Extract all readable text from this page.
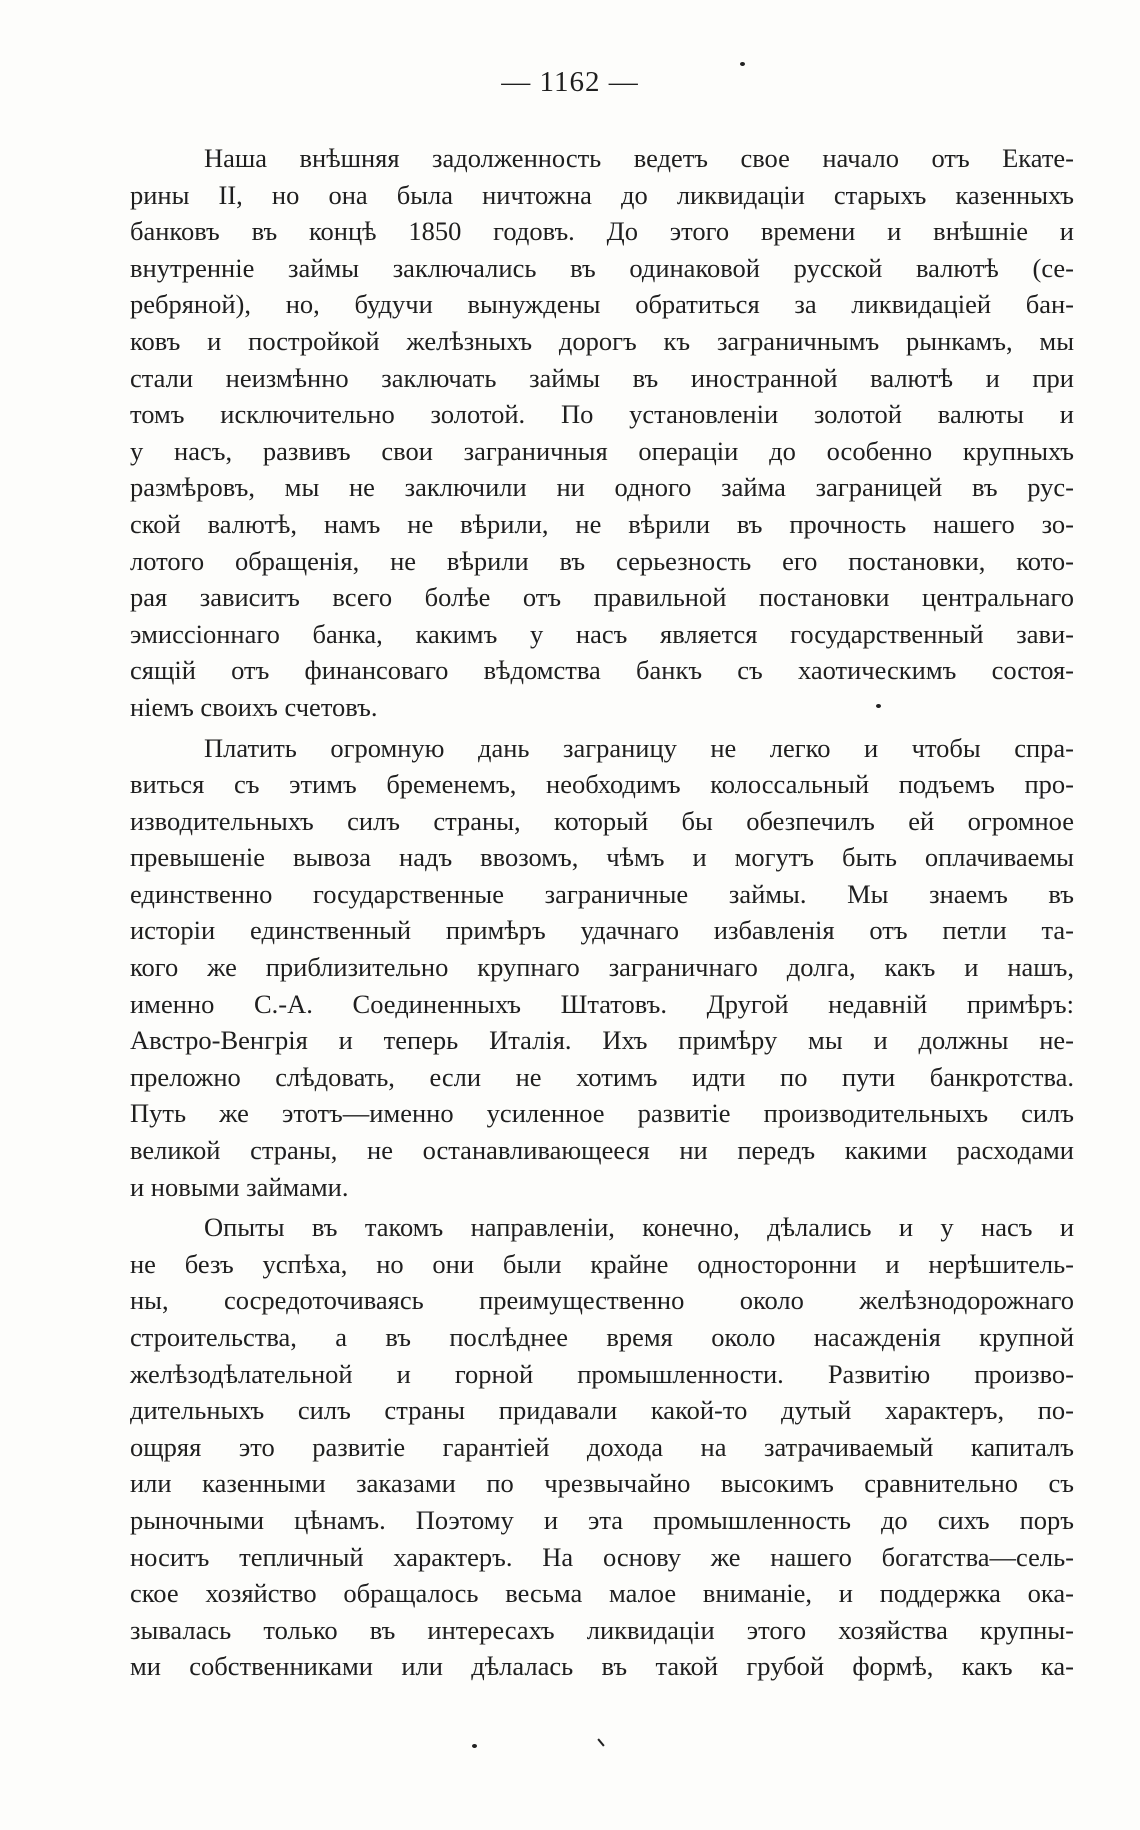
— 1162 —
Наша внѣшняя задолженность ведетъ свое начало отъ Екате-
рины II, но она была ничтожна до ликвидаціи старыхъ казенныхъ
банковъ въ концѣ 1850 годовъ. До этого времени и внѣшніе и
внутренніе займы заключались въ одинаковой русской валютѣ (се-
ребряной), но, будучи вынуждены обратиться за ликвидаціей бан-
ковъ и постройкой желѣзныхъ дорогъ къ заграничнымъ рынкамъ, мы
стали неизмѣнно заключать займы въ иностранной валютѣ и при
томъ исключительно золотой. По установленіи золотой валюты и
у насъ, развивъ свои заграничныя операціи до особенно крупныхъ
размѣровъ, мы не заключили ни одного займа заграницей въ рус-
ской валютѣ, намъ не вѣрили, не вѣрили въ прочность нашего зо-
лотого обращенія, не вѣрили въ серьезность его постановки, кото-
рая зависитъ всего болѣе отъ правильной постановки центральнаго
эмиссіоннаго банка, какимъ у насъ является государственный зави-
сящій отъ финансоваго вѣдомства банкъ съ хаотическимъ состоя-
ніемъ своихъ счетовъ.
Платить огромную дань заграницу не легко и чтобы спра-
виться съ этимъ бременемъ, необходимъ колоссальный подъемъ про-
изводительныхъ силъ страны, который бы обезпечилъ ей огромное
превышеніе вывоза надъ ввозомъ, чѣмъ и могутъ быть оплачиваемы
единственно государственные заграничные займы. Мы знаемъ въ
исторіи единственный примѣръ удачнаго избавленія отъ петли та-
кого же приблизительно крупнаго заграничнаго долга, какъ и нашъ,
именно С.-А. Соединенныхъ Штатовъ. Другой недавній примѣръ:
Австро-Венгрія и теперь Италія. Ихъ примѣру мы и должны не-
преложно слѣдовать, если не хотимъ идти по пути банкротства.
Путь же этотъ—именно усиленное развитіе производительныхъ силъ
великой страны, не останавливающееся ни передъ какими расходами
и новыми займами.
Опыты въ такомъ направленіи, конечно, дѣлались и у насъ и
не безъ успѣха, но они были крайне односторонни и нерѣшитель-
ны, сосредоточиваясь преимущественно около желѣзнодорожнаго
строительства, а въ послѣднее время около насажденія крупной
желѣзодѣлательной и горной промышленности. Развитію произво-
дительныхъ силъ страны придавали какой-то дутый характеръ, по-
ощряя это развитіе гарантіей дохода на затрачиваемый капиталъ
или казенными заказами по чрезвычайно высокимъ сравнительно съ
рыночными цѣнамъ. Поэтому и эта промышленность до сихъ поръ
носитъ тепличный характеръ. На основу же нашего богатства—сель-
ское хозяйство обращалось весьма малое вниманіе, и поддержка ока-
зывалась только въ интересахъ ликвидаціи этого хозяйства крупны-
ми собственниками или дѣлалась въ такой грубой формѣ, какъ ка-
